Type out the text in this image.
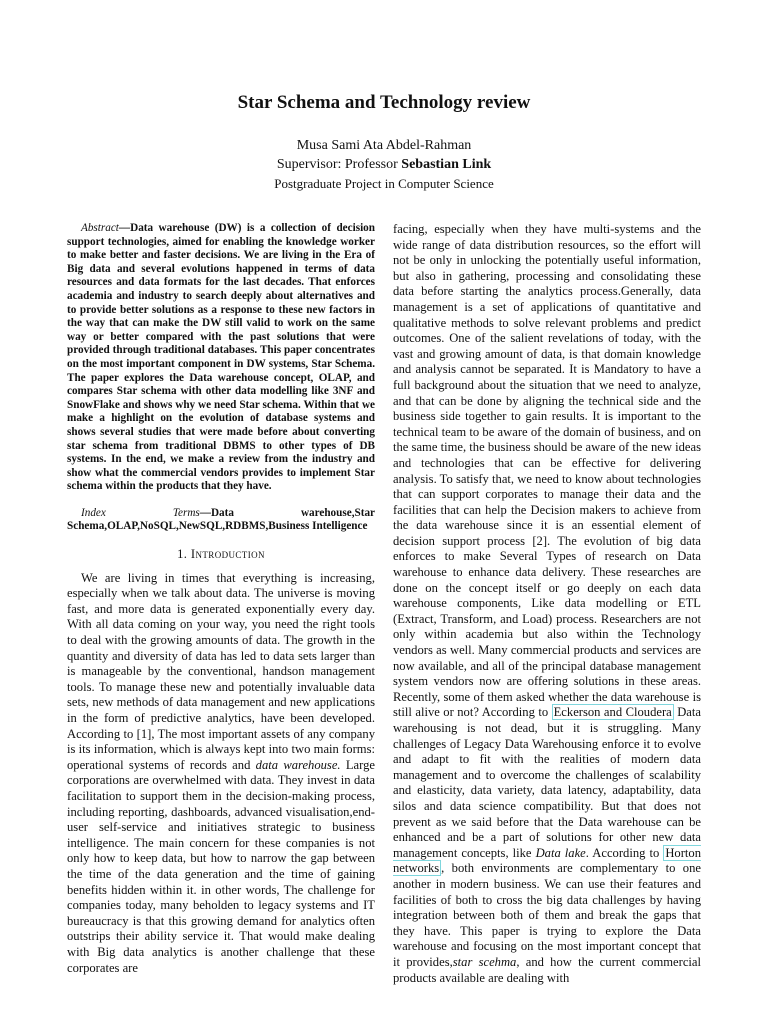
Star Schema and Technology review
Musa Sami Ata Abdel-Rahman
Supervisor: Professor Sebastian Link
Postgraduate Project in Computer Science

Abstract—Data warehouse (DW) is a collection of decision support technologies, aimed for enabling the knowledge worker to make better and faster decisions. We are living in the Era of Big data and several evolutions happened in terms of data resources and data formats for the last decades. That enforces academia and industry to search deeply about alternatives and to provide better solutions as a response to these new factors in the way that can make the DW still valid to work on the same way or better compared with the past solutions that were provided through traditional databases. This paper concentrates on the most important component in DW systems, Star Schema. The paper explores the Data warehouse concept, OLAP, and compares Star schema with other data modelling like 3NF and SnowFlake and shows why we need Star schema. Within that we make a highlight on the evolution of database systems and shows several studies that were made before about converting star schema from traditional DBMS to other types of DB systems. In the end, we make a review from the industry and show what the commercial vendors provides to implement Star schema within the products that they have.

Index Terms—Data warehouse,Star Schema,OLAP,NoSQL,NewSQL,RDBMS,Business Intelligence

1. Introduction

We are living in times that everything is increasing, especially when we talk about data. The universe is moving fast, and more data is generated exponentially every day. With all data coming on your way, you need the right tools to deal with the growing amounts of data. The growth in the quantity and diversity of data has led to data sets larger than is manageable by the conventional, handson management tools. To manage these new and potentially invaluable data sets, new methods of data management and new applications in the form of predictive analytics, have been developed. According to [1], The most important assets of any company is its information, which is always kept into two main forms: operational systems of records and data warehouse. Large corporations are overwhelmed with data. They invest in data facilitation to support them in the decision-making process, including reporting, dashboards, advanced visualisation,end-user self-service and initiatives strategic to business intelligence. The main concern for these companies is not only how to keep data, but how to narrow the gap between the time of the data generation and the time of gaining benefits hidden within it. in other words, The challenge for companies today, many beholden to legacy systems and IT bureaucracy is that this growing demand for analytics often outstrips their ability service it. That would make dealing with Big data analytics is another challenge that these corporates are

facing, especially when they have multi-systems and the wide range of data distribution resources, so the effort will not be only in unlocking the potentially useful information, but also in gathering, processing and consolidating these data before starting the analytics process.Generally, data management is a set of applications of quantitative and qualitative methods to solve relevant problems and predict outcomes. One of the salient revelations of today, with the vast and growing amount of data, is that domain knowledge and analysis cannot be separated. It is Mandatory to have a full background about the situation that we need to analyze, and that can be done by aligning the technical side and the business side together to gain results. It is important to the technical team to be aware of the domain of business, and on the same time, the business should be aware of the new ideas and technologies that can be effective for delivering analysis. To satisfy that, we need to know about technologies that can support corporates to manage their data and the facilities that can help the Decision makers to achieve from the data warehouse since it is an essential element of decision support process [2]. The evolution of big data enforces to make Several Types of research on Data warehouse to enhance data delivery. These researches are done on the concept itself or go deeply on each data warehouse components, Like data modelling or ETL (Extract, Transform, and Load) process. Researchers are not only within academia but also within the Technology vendors as well. Many commercial products and services are now available, and all of the principal database management system vendors now are offering solutions in these areas. Recently, some of them asked whether the data warehouse is still alive or not? According to Eckerson and Cloudera Data warehousing is not dead, but it is struggling. Many challenges of Legacy Data Warehousing enforce it to evolve and adapt to fit with the realities of modern data management and to overcome the challenges of scalability and elasticity, data variety, data latency, adaptability, data silos and data science compatibility. But that does not prevent as we said before that the Data warehouse can be enhanced and be a part of solutions for other new data management concepts, like Data lake. According to Horton networks , both environments are complementary to one another in modern business. We can use their features and facilities of both to cross the big data challenges by having integration between both of them and break the gaps that they have. This paper is trying to explore the Data warehouse and focusing on the most important concept that it provides,star scehma, and how the current commercial products available are dealing with
